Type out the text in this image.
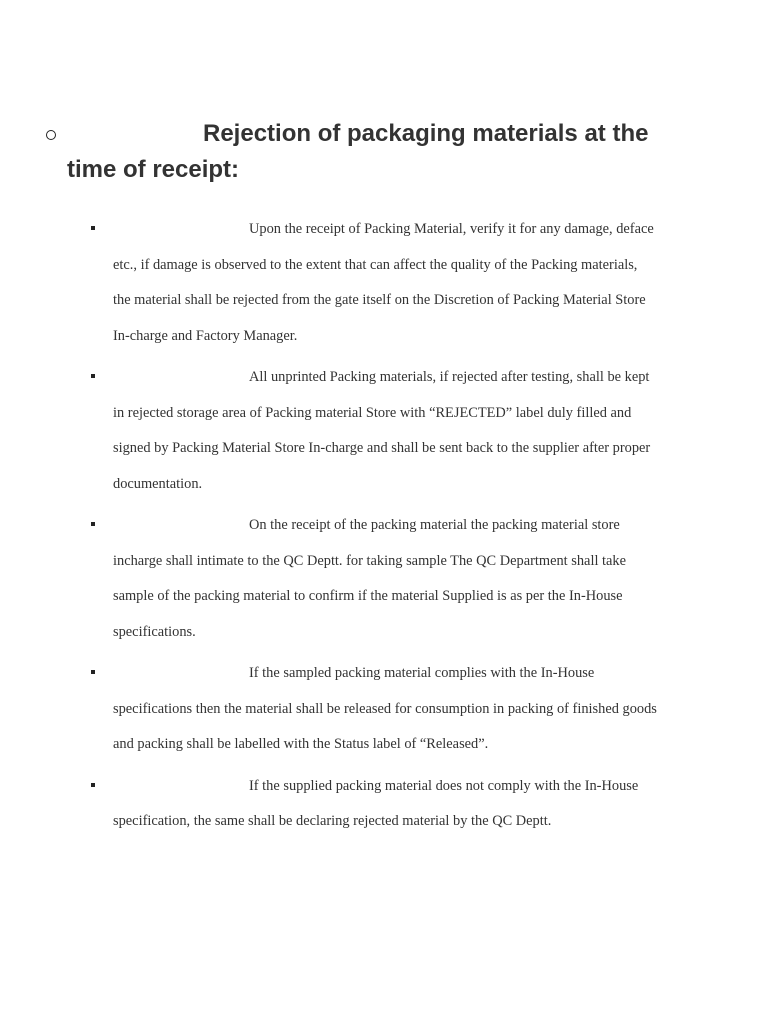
Rejection of packaging materials at the time of receipt:
Upon the receipt of Packing Material, verify it for any damage, deface etc., if damage is observed to the extent that can affect the quality of the Packing materials, the material shall be rejected from the gate itself on the Discretion of Packing Material Store In-charge and Factory Manager.
All unprinted Packing materials, if rejected after testing, shall be kept in rejected storage area of Packing material Store with “REJECTED” label duly filled and signed by Packing Material Store In-charge and shall be sent back to the supplier after proper documentation.
On the receipt of the packing material the packing material store incharge shall intimate to the QC Deptt. for taking sample The QC Department shall take sample of the packing material to confirm if the material Supplied is as per the In-House specifications.
If the sampled packing material complies with the In-House specifications then the material shall be released for consumption in packing of finished goods and packing shall be labelled with the Status label of “Released”.
If the supplied packing material does not comply with the In-House specification, the same shall be declaring rejected material by the QC Deptt.
